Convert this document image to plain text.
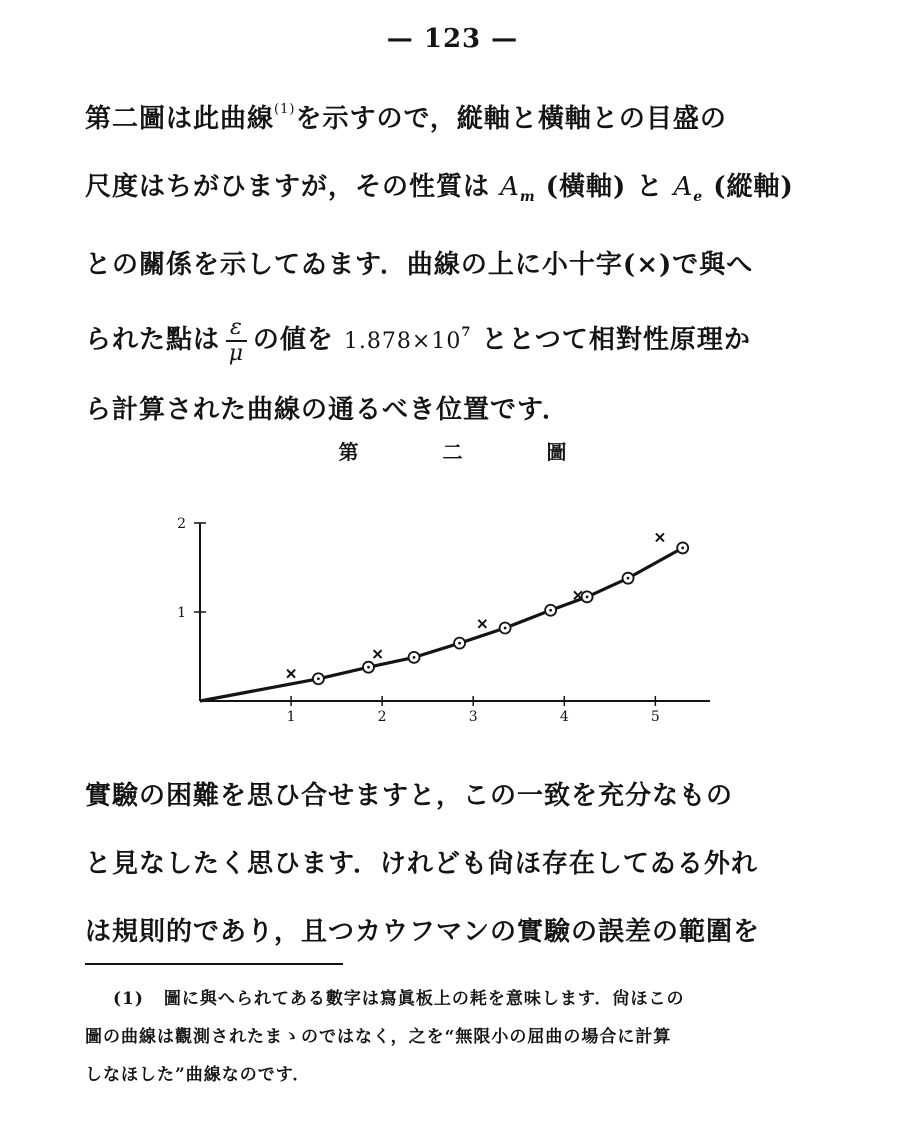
— 123 —
第二圖は此曲線$^{(1)}$を示すので，縦軸と橫軸との目盛の
尺度はちがひますが，その性質は $A_m$ (橫軸) と $A_e$ (縱軸)
との關係を示してゐます．曲線の上に小十字(×)で與へ
られた點は $\frac{\varepsilon}{\mu}$ の値を $1.878\times 10^7$ ととつて相對性原理か
ら計算された曲線の通るべき位置です．
第	二	圖
1	2	3	4	5
1
2
實驗の困難を思ひ合せますと，この一致を充分なもの
と見なしたく思ひます．けれども尙ほ存在してゐる外れ
は規則的であり，且つカウフマンの實驗の誤差の範圍を
(1) 圖に與へられてある數字は寫眞板上の耗を意味します．尙ほこの
圖の曲線は觀測されたまゝのではなく，之を“無限小の屈曲の場合に計算
しなほした”曲線なのです．
